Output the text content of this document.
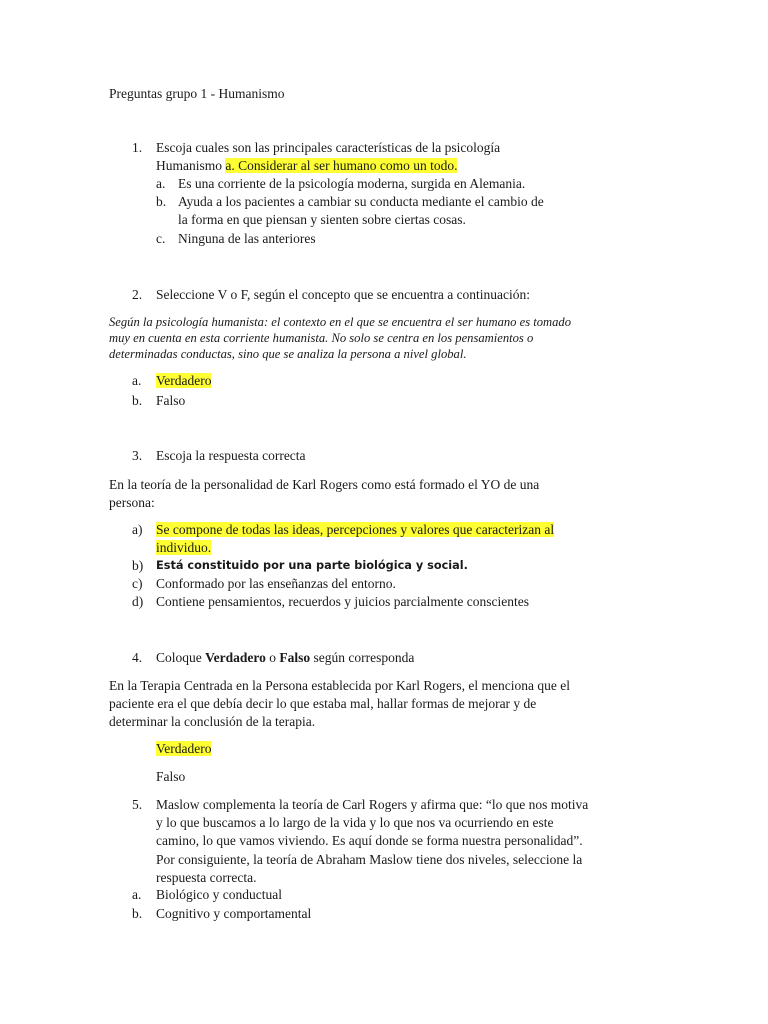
Preguntas grupo 1 - Humanismo
1. Escoja cuales son las principales características de la psicología
Humanismo a. Considerar al ser humano como un todo.
a. Es una corriente de la psicología moderna, surgida en Alemania.
b. Ayuda a los pacientes a cambiar su conducta mediante el cambio de
la forma en que piensan y sienten sobre ciertas cosas.
c. Ninguna de las anteriores
2. Seleccione V o F, según el concepto que se encuentra a continuación:
Según la psicología humanista: el contexto en el que se encuentra el ser humano es tomado
muy en cuenta en esta corriente humanista. No solo se centra en los pensamientos o
determinadas conductas, sino que se analiza la persona a nivel global.
a. Verdadero
b. Falso
3. Escoja la respuesta correcta
En la teoría de la personalidad de Karl Rogers como está formado el YO de una
persona:
a) Se compone de todas las ideas, percepciones y valores que caracterizan al
individuo.
b) Está constituido por una parte biológica y social.
c) Conformado por las enseñanzas del entorno.
d) Contiene pensamientos, recuerdos y juicios parcialmente conscientes
4. Coloque Verdadero o Falso según corresponda
En la Terapia Centrada en la Persona establecida por Karl Rogers, el menciona que el
paciente era el que debía decir lo que estaba mal, hallar formas de mejorar y de
determinar la conclusión de la terapia.
Verdadero
Falso
5. Maslow complementa la teoría de Carl Rogers y afirma que: “lo que nos motiva
y lo que buscamos a lo largo de la vida y lo que nos va ocurriendo en este
camino, lo que vamos viviendo. Es aquí donde se forma nuestra personalidad”.
Por consiguiente, la teoría de Abraham Maslow tiene dos niveles, seleccione la
respuesta correcta.
a. Biológico y conductual
b. Cognitivo y comportamental
